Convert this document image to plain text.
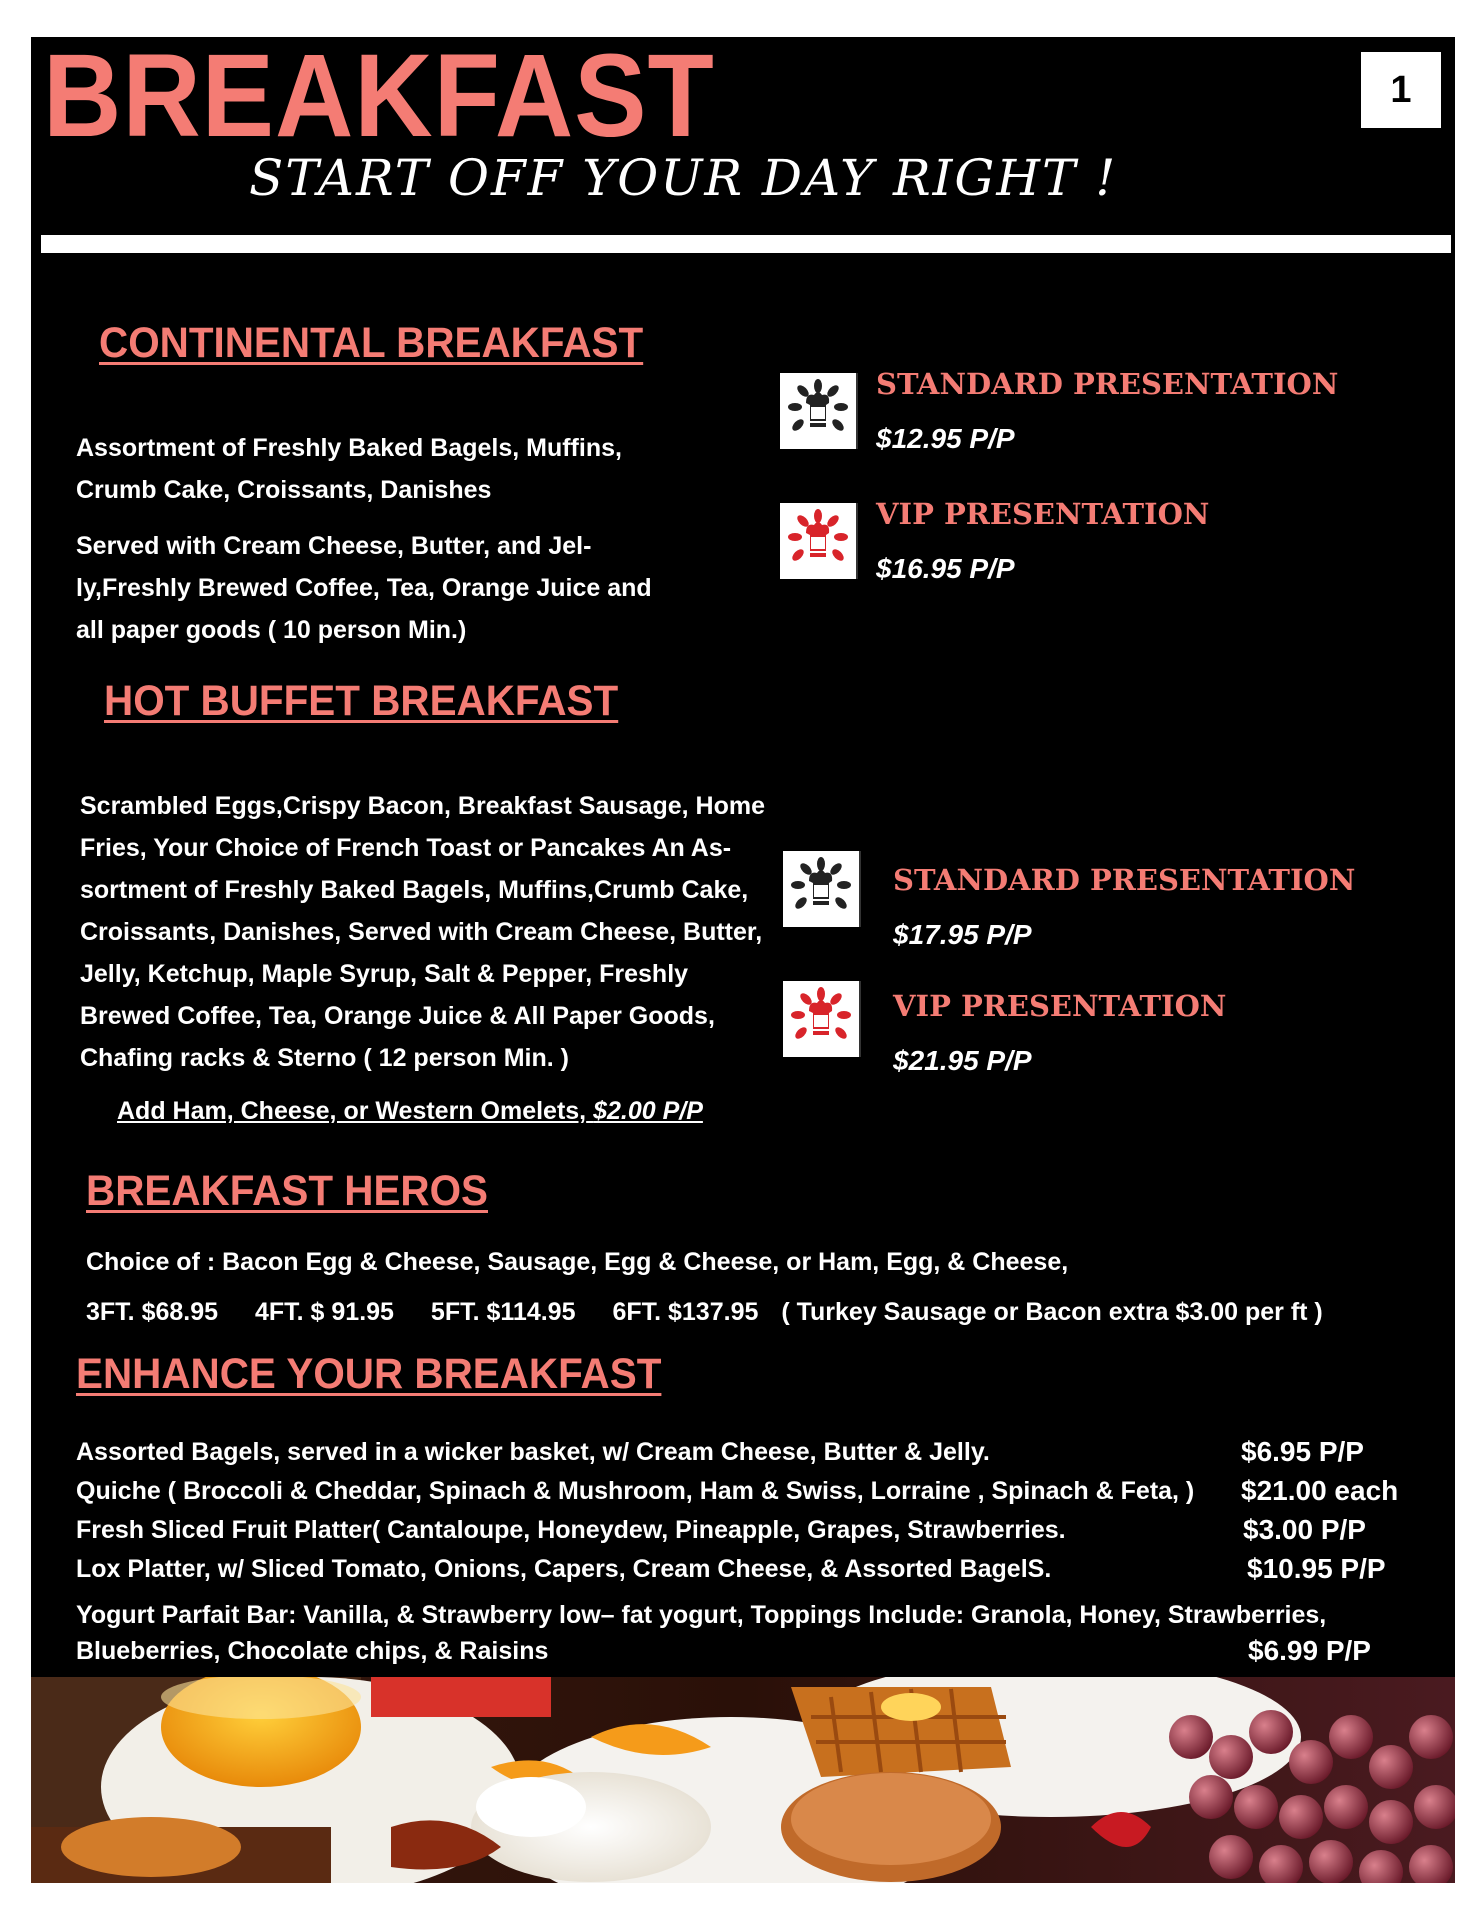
BREAKFAST	1
START OFF YOUR DAY RIGHT !
CONTINENTAL BREAKFAST
Assortment of Freshly Baked Bagels, Muffins,
Crumb Cake, Croissants, Danishes
Served with Cream Cheese, Butter, and Jel-
ly,Freshly Brewed Coffee, Tea, Orange Juice and
all paper goods ( 10 person Min.)
STANDARD PRESENTATION
$12.95 P/P
VIP PRESENTATION
$16.95 P/P
HOT BUFFET BREAKFAST
Scrambled Eggs,Crispy Bacon, Breakfast Sausage, Home
Fries, Your Choice of French Toast or Pancakes An As-
sortment of Freshly Baked Bagels, Muffins,Crumb Cake,
Croissants, Danishes, Served with Cream Cheese, Butter,
Jelly, Ketchup, Maple Syrup, Salt & Pepper, Freshly
Brewed Coffee, Tea, Orange Juice & All Paper Goods,
Chafing racks & Sterno ( 12 person Min. )
Add Ham, Cheese, or Western Omelets, $2.00 P/P
STANDARD PRESENTATION
$17.95 P/P
VIP PRESENTATION
$21.95 P/P
BREAKFAST HEROS
Choice of : Bacon Egg & Cheese, Sausage, Egg & Cheese, or Ham, Egg, & Cheese,
3FT. $68.95 4FT. $ 91.95 5FT. $114.95 6FT. $137.95 ( Turkey Sausage or Bacon extra $3.00 per ft )
ENHANCE YOUR BREAKFAST
Assorted Bagels, served in a wicker basket, w/ Cream Cheese, Butter & Jelly.	$6.95 P/P
Quiche ( Broccoli & Cheddar, Spinach & Mushroom, Ham & Swiss, Lorraine , Spinach & Feta, ) $21.00 each
Fresh Sliced Fruit Platter( Cantaloupe, Honeydew, Pineapple, Grapes, Strawberries.	$3.00 P/P
Lox Platter, w/ Sliced Tomato, Onions, Capers, Cream Cheese, & Assorted BagelS.	$10.95 P/P
Yogurt Parfait Bar: Vanilla, & Strawberry low– fat yogurt, Toppings Include: Granola, Honey, Strawberries,
Blueberries, Chocolate chips, & Raisins	$6.99 P/P
